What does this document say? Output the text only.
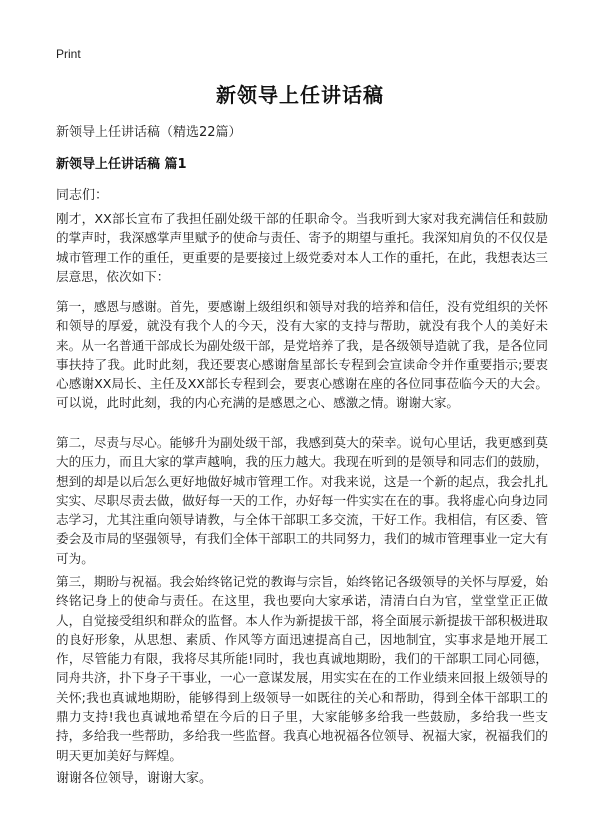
Print
新领导上任讲话稿
新领导上任讲话稿（精选22篇）
新领导上任讲话稿 篇1
同志们：

刚才，XX部长宣布了我担任副处级干部的任职命令。当我听到大家对我充满信任和鼓励的掌声时，我深感掌声里赋予的使命与责任、寄予的期望与重托。我深知肩负的不仅仅是城市管理工作的重任，更重要的是要接过上级党委对本人工作的重托，在此，我想表达三层意思，依次如下：

第一，感恩与感谢。首先，要感谢上级组织和领导对我的培养和信任，没有党组织的关怀和领导的厚爱，就没有我个人的今天，没有大家的支持与帮助，就没有我个人的美好未来。从一名普通干部成长为副处级干部，是党培养了我，是各级领导造就了我，是各位同事扶持了我。此时此刻，我还要衷心感谢詹星部长专程到会宣读命令并作重要指示;要衷心感谢XX局长、主任及XX部长专程到会，要衷心感谢在座的各位同事莅临今天的大会。可以说，此时此刻，我的内心充满的是感恩之心、感激之情。谢谢大家。

第二，尽责与尽心。能够升为副处级干部，我感到莫大的荣幸。说句心里话，我更感到莫大的压力，而且大家的掌声越响，我的压力越大。我现在听到的是领导和同志们的鼓励，想到的却是以后怎么更好地做好城市管理工作。对我来说，这是一个新的起点，我会扎扎实实、尽职尽责去做，做好每一天的工作，办好每一件实实在在的事。我将虚心向身边同志学习，尤其注重向领导请教，与全体干部职工多交流，干好工作。我相信，有区委、管委会及市局的坚强领导，有我们全体干部职工的共同努力，我们的城市管理事业一定大有可为。

第三，期盼与祝福。我会始终铭记党的教诲与宗旨，始终铭记各级领导的关怀与厚爱，始终铭记身上的使命与责任。在这里，我也要向大家承诺，清清白白为官，堂堂堂正正做人，自觉接受组织和群众的监督。本人作为新提拔干部，将全面展示新提拔干部积极进取的良好形象，从思想、素质、作风等方面迅速提高自己，因地制宜，实事求是地开展工作，尽管能力有限，我将尽其所能!同时，我也真诚地期盼，我们的干部职工同心同德，同舟共济，扑下身子干事业，一心一意谋发展，用实实在在的工作业绩来回报上级领导的关怀;我也真诚地期盼，能够得到上级领导一如既往的关心和帮助，得到全体干部职工的鼎力支持!我也真诚地希望在今后的日子里，大家能够多给我一些鼓励，多给我一些支持，多给我一些帮助，多给我一些监督。我真心地祝福各位领导、祝福大家，祝福我们的明天更加美好与辉煌。

谢谢各位领导，谢谢大家。
